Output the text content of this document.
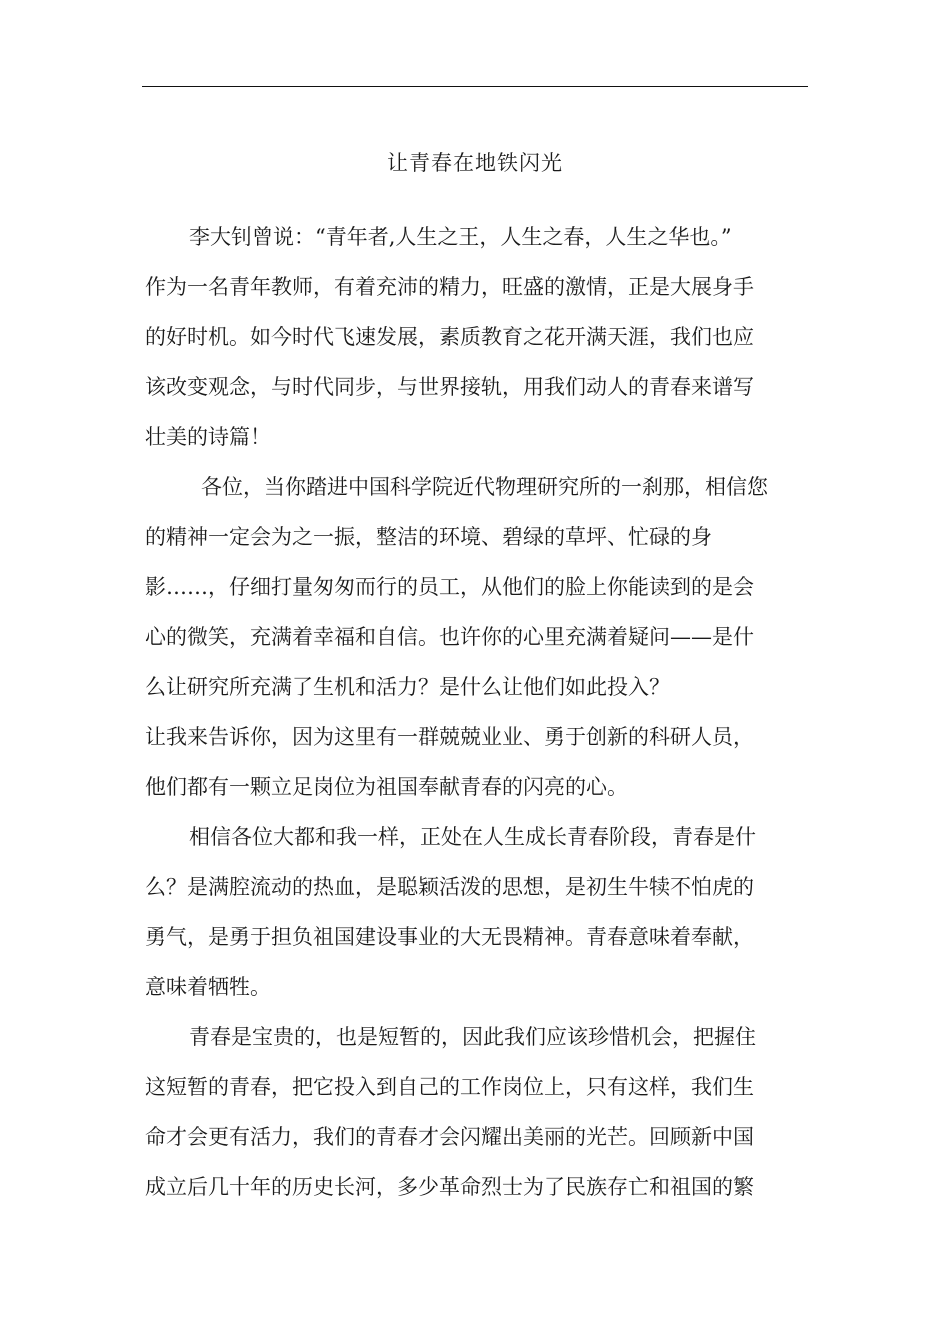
让青春在地铁闪光
李大钊曾说：“青年者,人生之王，人生之春，人生之华也。”
作为一名青年教师，有着充沛的精力，旺盛的激情，正是大展身手
的好时机。如今时代飞速发展，素质教育之花开满天涯，我们也应
该改变观念，与时代同步，与世界接轨，用我们动人的青春来谱写
壮美的诗篇！
各位，当你踏进中国科学院近代物理研究所的一刹那，相信您
的精神一定会为之一振，整洁的环境、碧绿的草坪、忙碌的身
影……，仔细打量匆匆而行的员工，从他们的脸上你能读到的是会
心的微笑，充满着幸福和自信。也许你的心里充满着疑问——是什
么让研究所充满了生机和活力？是什么让他们如此投入？
让我来告诉你，因为这里有一群兢兢业业、勇于创新的科研人员，
他们都有一颗立足岗位为祖国奉献青春的闪亮的心。
相信各位大都和我一样，正处在人生成长青春阶段，青春是什
么？是满腔流动的热血，是聪颖活泼的思想，是初生牛犊不怕虎的
勇气，是勇于担负祖国建设事业的大无畏精神。青春意味着奉献，
意味着牺牲。
青春是宝贵的，也是短暂的，因此我们应该珍惜机会，把握住
这短暂的青春，把它投入到自己的工作岗位上，只有这样，我们生
命才会更有活力，我们的青春才会闪耀出美丽的光芒。回顾新中国
成立后几十年的历史长河，多少革命烈士为了民族存亡和祖国的繁
